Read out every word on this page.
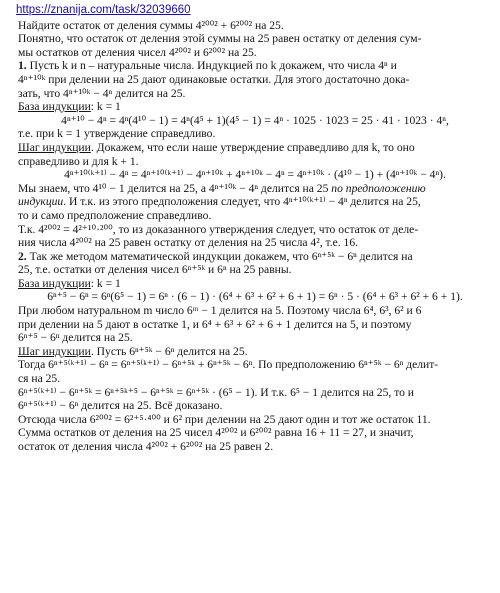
https://znanija.com/task/32039660
Найдите остаток от деления суммы 4²⁰⁰² + 6²⁰⁰² на 25.
Понятно, что остаток от деления этой суммы на 25 равен остатку от деления сум-
мы остатков от деления чисел 4²⁰⁰² и 6²⁰⁰² на 25.
1. Пусть k и n – натуральные числа. Индукцией по k докажем, что числа 4ⁿ и
4ⁿ⁺¹⁰ᵏ при делении на 25 дают одинаковые остатки. Для этого достаточно дока-
зать, что 4ⁿ⁺¹⁰ᵏ − 4ⁿ делится на 25.
База индукции: k = 1
4ⁿ⁺¹⁰ − 4ⁿ = 4ⁿ(4¹⁰ − 1) = 4ⁿ(4⁵ + 1)(4⁵ − 1) = 4ⁿ · 1025 · 1023 = 25 · 41 · 1023 · 4ⁿ,
т.е. при k = 1 утверждение справедливо.
Шаг индукции. Докажем, что если наше утверждение справедливо для k, то оно
справедливо и для k + 1.
4ⁿ⁺¹⁰⁽ᵏ⁺¹⁾ − 4ⁿ = 4ⁿ⁺¹⁰⁽ᵏ⁺¹⁾ − 4ⁿ⁺¹⁰ᵏ + 4ⁿ⁺¹⁰ᵏ − 4ⁿ = 4ⁿ⁺¹⁰ᵏ · (4¹⁰ − 1) + (4ⁿ⁺¹⁰ᵏ − 4ⁿ).
Мы знаем, что 4¹⁰ − 1 делится на 25, а 4ⁿ⁺¹⁰ᵏ − 4ⁿ делится на 25 по предположению
индукции. И т.к. из этого предположения следует, что 4ⁿ⁺¹⁰⁽ᵏ⁺¹⁾ − 4ⁿ делится на 25,
то и само предположение справедливо.
Т.к. 4²⁰⁰² = 4²⁺¹⁰·²⁰⁰, то из доказанного утверждения следует, что остаток от деле-
ния числа 4²⁰⁰² на 25 равен остатку от деления на 25 числа 4², т.е. 16.
2. Так же методом математической индукции докажем, что 6ⁿ⁺⁵ᵏ − 6ⁿ делится на
25, т.е. остатки от деления чисел 6ⁿ⁺⁵ᵏ и 6ⁿ на 25 равны.
База индукции: k = 1
6ⁿ⁺⁵ − 6ⁿ = 6ⁿ(6⁵ − 1) = 6ⁿ · (6 − 1) · (6⁴ + 6³ + 6² + 6 + 1) = 6ⁿ · 5 · (6⁴ + 6³ + 6² + 6 + 1).
При любом натуральном m число 6ᵐ − 1 делится на 5. Поэтому числа 6⁴, 6³, 6² и 6
при делении на 5 дают в остатке 1, и 6⁴ + 6³ + 6² + 6 + 1 делится на 5, и поэтому
6ⁿ⁺⁵ − 6ⁿ делится на 25.
Шаг индукции. Пусть 6ⁿ⁺⁵ᵏ − 6ⁿ делится на 25.
Тогда 6ⁿ⁺⁵⁽ᵏ⁺¹⁾ − 6ⁿ = 6ⁿ⁺⁵⁽ᵏ⁺¹⁾ − 6ⁿ⁺⁵ᵏ + 6ⁿ⁺⁵ᵏ − 6ⁿ. По предположению 6ⁿ⁺⁵ᵏ − 6ⁿ делит-
ся на 25.
6ⁿ⁺⁵⁽ᵏ⁺¹⁾ − 6ⁿ⁺⁵ᵏ = 6ⁿ⁺⁵ᵏ⁺⁵ − 6ⁿ⁺⁵ᵏ = 6ⁿ⁺⁵ᵏ · (6⁵ − 1). И т.к. 6⁵ − 1 делится на 25, то и
6ⁿ⁺⁵⁽ᵏ⁺¹⁾ − 6ⁿ делится на 25. Всё доказано.
Отсюда числа 6²⁰⁰² = 6²⁺⁵·⁴⁰⁰ и 6² при делении на 25 дают один и тот же остаток 11.
Сумма остатков от деления на 25 чисел 4²⁰⁰² и 6²⁰⁰² равна 16 + 11 = 27, и значит,
остаток от деления числа 4²⁰⁰² + 6²⁰⁰² на 25 равен 2.
